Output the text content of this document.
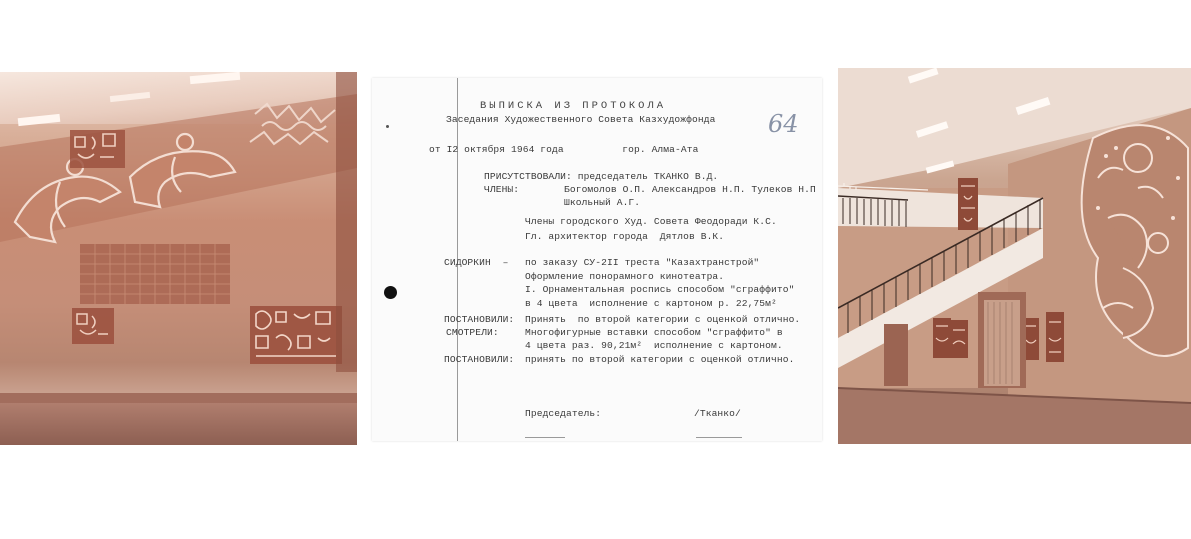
ВЫПИСКА ИЗ ПРОТОКОЛА
Заседания Художественного Совета Казхудожфонда 64
от I2 октября 1964 года          гор. Алма-Ата
ПРИСУТСТВОВАЛИ: председатель ТКАНКО В.Д.
ЧЛЕНЫ:	Богомолов О.П. Александров Н.П. Тулеков Н.П
Школьный А.Г.
Члены городского Худ. Совета Феодоради К.С.
Гл. архитектор города  Дятлов В.К.
СИДОРКИН  – по заказу СУ-2II треста "Казахтранстрой"
Оформление понорамного кинотеатра.
I. Орнаментальная роспись способом "сграффито"
в 4 цвета  исполнение с картоном р. 22,75м²
ПОСТАНОВИЛИ: Принять  по второй категории с оценкой отлично.
СМОТРЕЛИ:	Многофигурные вставки способом "сграффито" в
4 цвета раз. 90,21м²  исполнение с картоном.
ПОСТАНОВИЛИ: принять по второй категории с оценкой отлично.
Председатель:	/Тканко/
